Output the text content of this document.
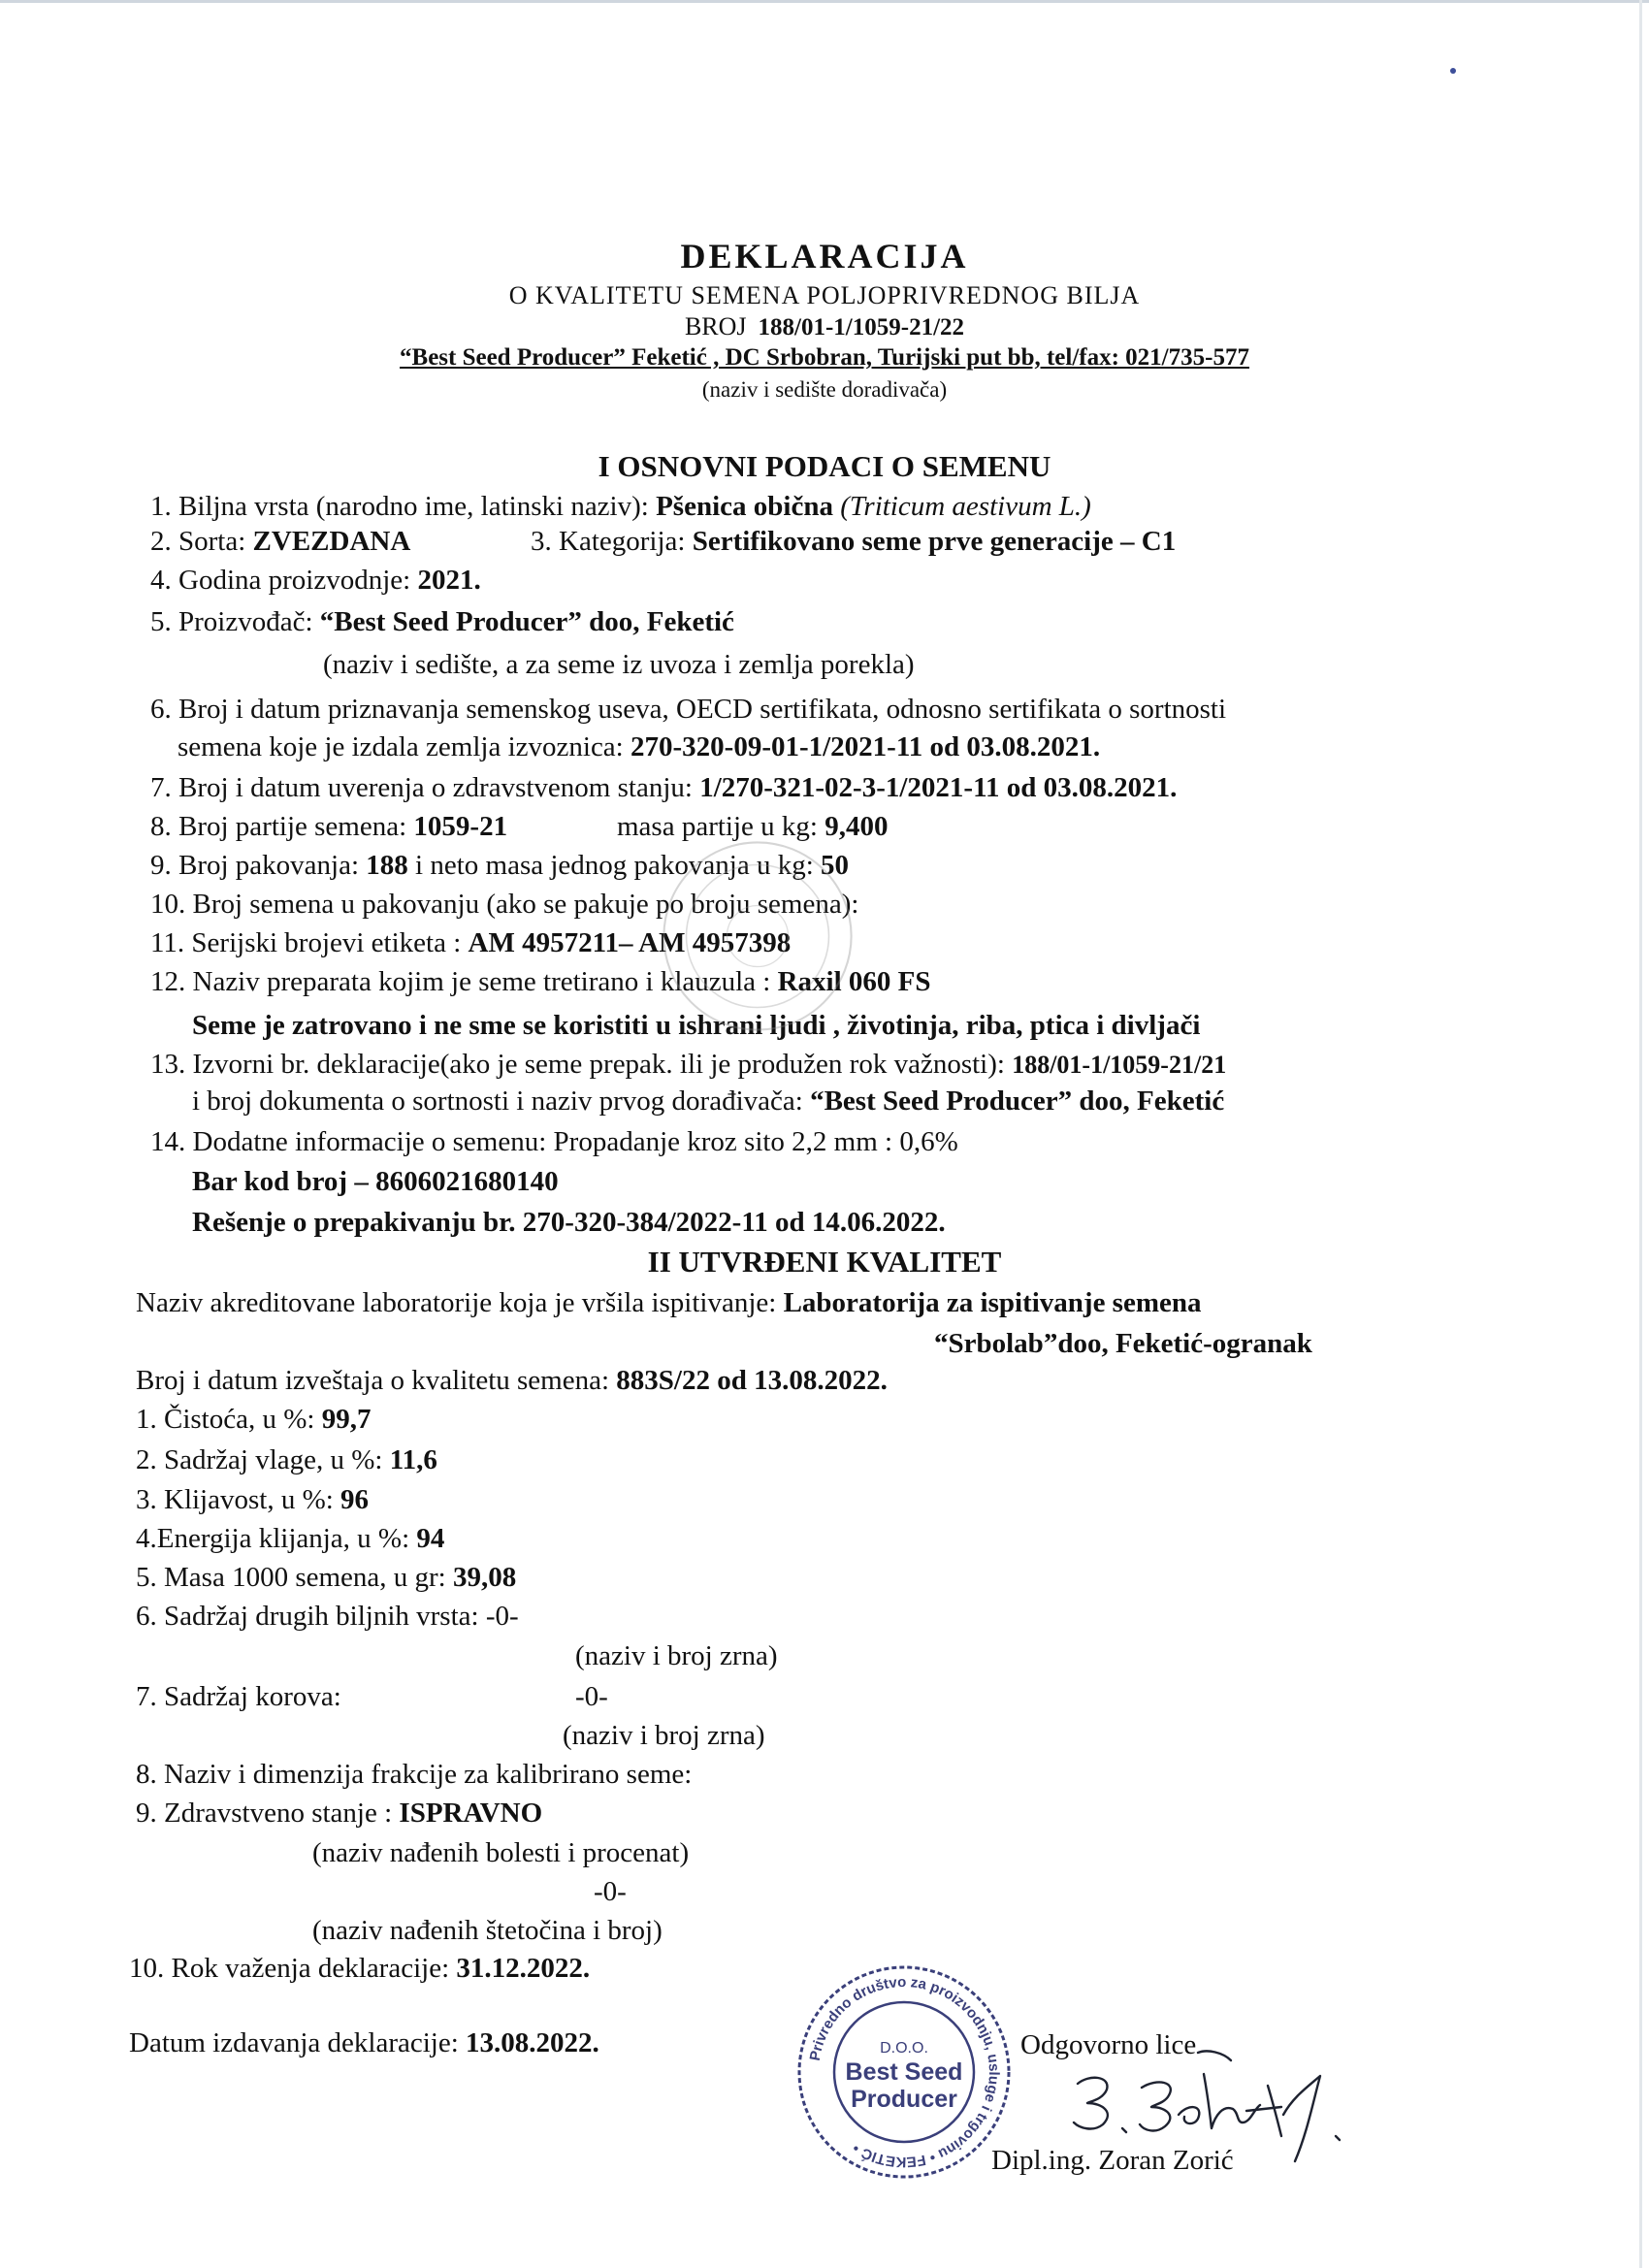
DEKLARACIJA
O KVALITETU SEMENA POLJOPRIVREDNOG BILJA
BROJ 188/01-1/1059-21/22
“Best Seed Producer” Feketić , DC Srbobran, Turijski put bb, tel/fax: 021/735-577
(naziv i sedište doradivača)
I OSNOVNI PODACI O SEMENU
1. Biljna vrsta (narodno ime, latinski naziv): Pšenica obična (Triticum aestivum L.)
2. Sorta: ZVEZDANA	3. Kategorija: Sertifikovano seme prve generacije – C1
4. Godina proizvodnje: 2021.
5. Proizvođač: “Best Seed Producer” doo, Feketić
(naziv i sedište, a za seme iz uvoza i zemlja porekla)
6. Broj i datum priznavanja semenskog useva, OECD sertifikata, odnosno sertifikata o sortnosti
semena koje je izdala zemlja izvoznica: 270-320-09-01-1/2021-11 od 03.08.2021.
7. Broj i datum uverenja o zdravstvenom stanju: 1/270-321-02-3-1/2021-11 od 03.08.2021.
8. Broj partije semena: 1059-21	masa partije u kg: 9,400
9. Broj pakovanja: 188 i neto masa jednog pakovanja u kg: 50
10. Broj semena u pakovanju (ako se pakuje po broju semena):
11. Serijski brojevi etiketa : AM 4957211– AM 4957398
12. Naziv preparata kojim je seme tretirano i klauzula : Raxil 060 FS
Seme je zatrovano i ne sme se koristiti u ishrani ljudi , životinja, riba, ptica i divljači
13. Izvorni br. deklaracije(ako je seme prepak. ili je produžen rok važnosti): 188/01-1/1059-21/21
i broj dokumenta o sortnosti i naziv prvog dorađivača: “Best Seed Producer” doo, Feketić
14. Dodatne informacije o semenu: Propadanje kroz sito 2,2 mm : 0,6%
Bar kod broj – 8606021680140
Rešenje o prepakivanju br. 270-320-384/2022-11 od 14.06.2022.
II UTVRĐENI KVALITET
Naziv akreditovane laboratorije koja je vršila ispitivanje: Laboratorija za ispitivanje semena
“Srbolab”doo, Feketić-ogranak
Broj i datum izveštaja o kvalitetu semena: 883S/22 od 13.08.2022.
1. Čistoća, u %: 99,7
2. Sadržaj vlage, u %: 11,6
3. Klijavost, u %: 96
4.Energija klijanja, u %: 94
5. Masa 1000 semena, u gr: 39,08
6. Sadržaj drugih biljnih vrsta: -0-
(naziv i broj zrna)
7. Sadržaj korova:	-0-
(naziv i broj zrna)
8. Naziv i dimenzija frakcije za kalibrirano seme:
9. Zdravstveno stanje : ISPRAVNO
(naziv nađenih bolesti i procenat)
-0-
(naziv nađenih štetočina i broj)
10. Rok važenja deklaracije: 31.12.2022.
Datum izdavanja deklaracije: 13.08.2022.	Odgovorno lice
Dipl.ing. Zoran Zorić
Privredno društvo za proizvodnju, usluge i trgovinu • FEKETIĆ •
D.O.O.
Best Seed
Producer
